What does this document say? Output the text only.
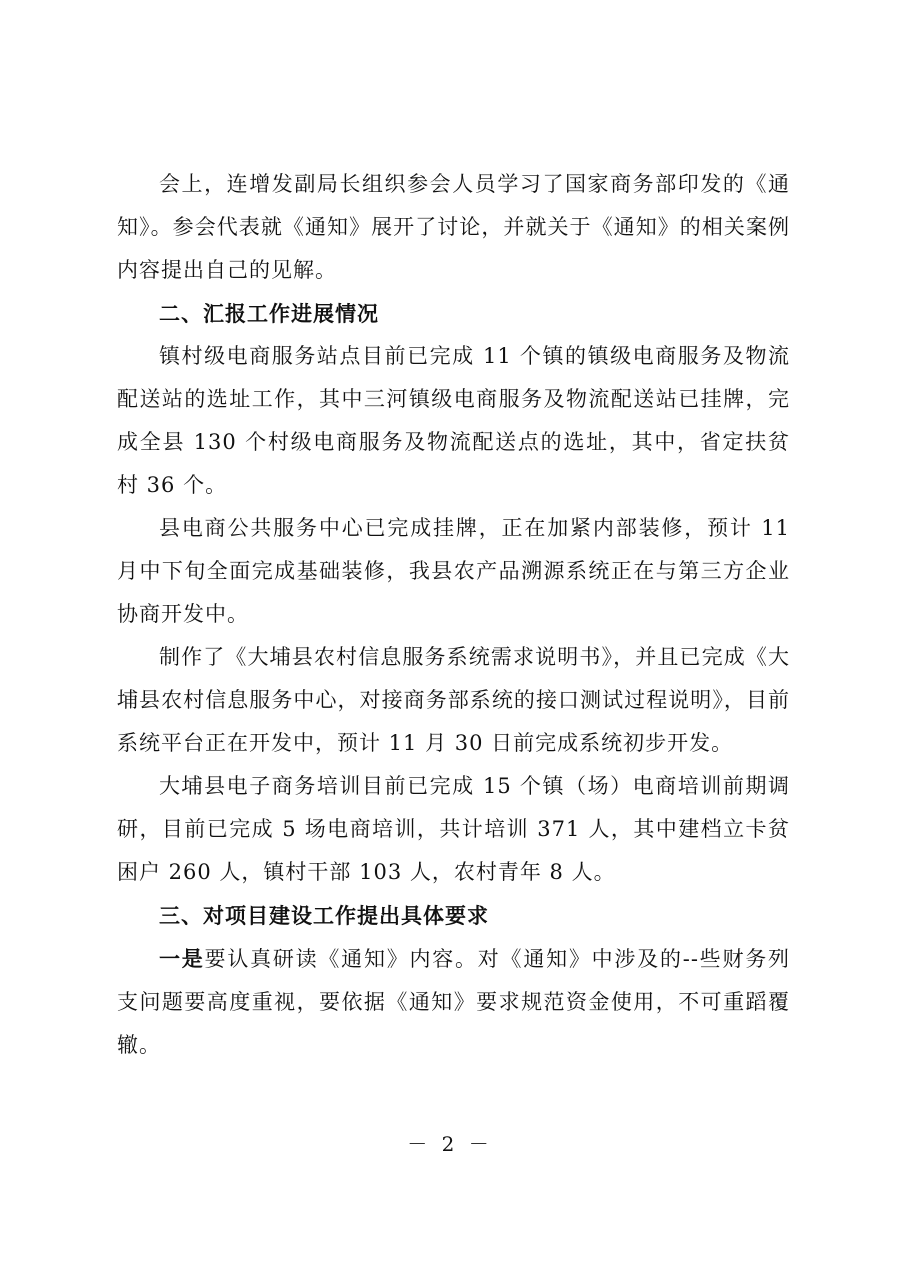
会上，连增发副局长组织参会人员学习了国家商务部印发的《通知》。参会代表就《通知》展开了讨论，并就关于《通知》的相关案例内容提出自己的见解。

二、汇报工作进展情况

镇村级电商服务站点目前已完成 11 个镇的镇级电商服务及物流配送站的选址工作，其中三河镇级电商服务及物流配送站已挂牌，完成全县 130 个村级电商服务及物流配送点的选址，其中，省定扶贫村 36 个。

县电商公共服务中心已完成挂牌，正在加紧内部装修，预计 11 月中下旬全面完成基础装修，我县农产品溯源系统正在与第三方企业协商开发中。

制作了《大埔县农村信息服务系统需求说明书》，并且已完成《大埔县农村信息服务中心，对接商务部系统的接口测试过程说明》，目前系统平台正在开发中，预计 11 月 30 日前完成系统初步开发。

大埔县电子商务培训目前已完成 15 个镇（场）电商培训前期调研，目前已完成 5 场电商培训，共计培训 371 人，其中建档立卡贫困户 260 人，镇村干部 103 人，农村青年 8 人。

三、对项目建设工作提出具体要求

一是要认真研读《通知》内容。对《通知》中涉及的--些财务列支问题要高度重视，要依据《通知》要求规范资金使用，不可重蹈覆辙。

－ 2 －
